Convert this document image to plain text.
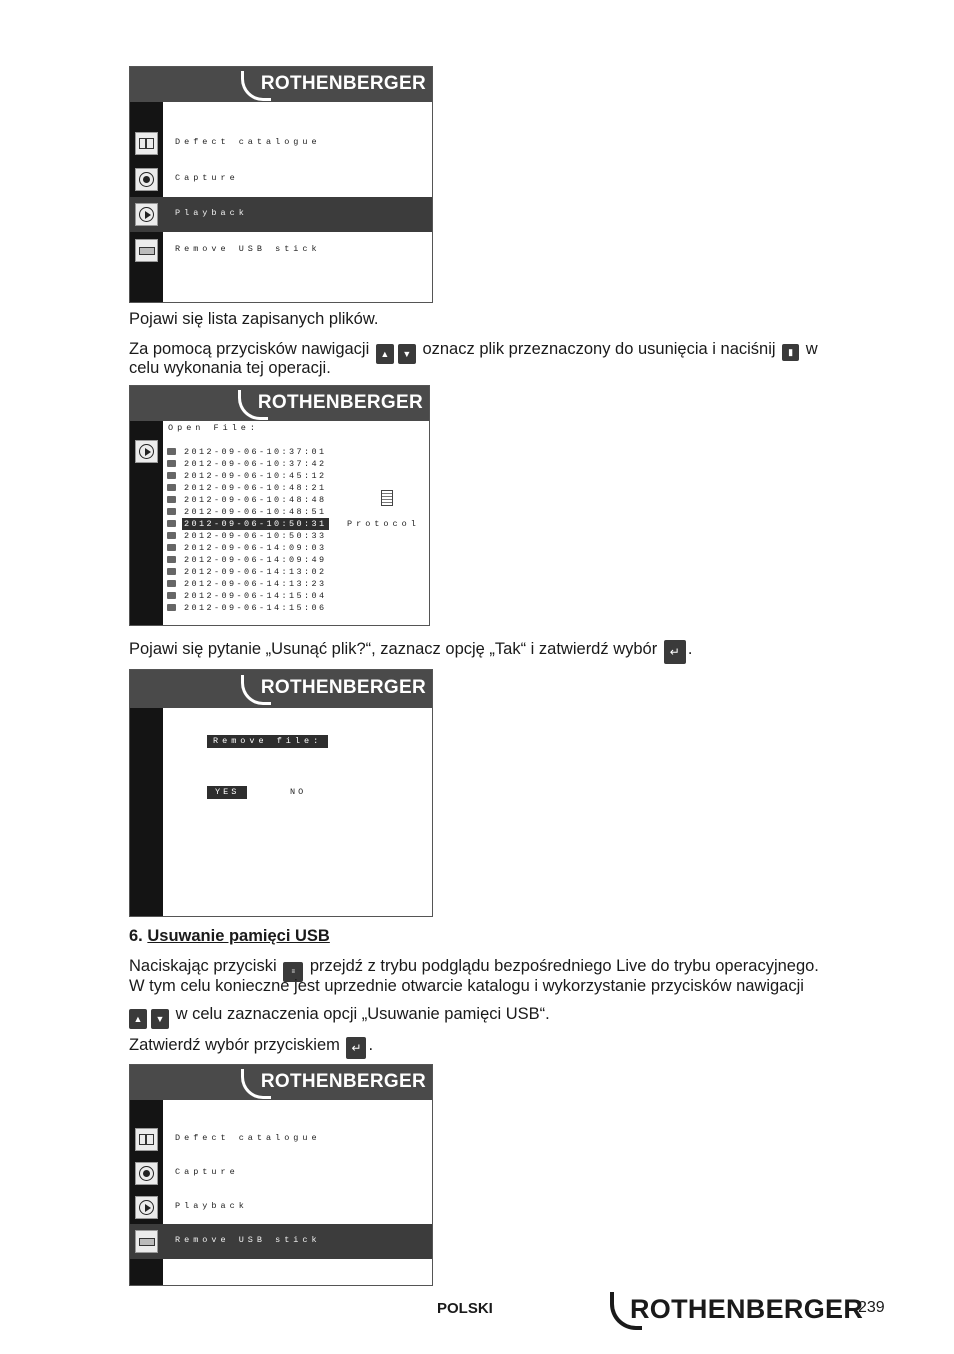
ROTHENBERGER
Defect catalogue
Capture
Playback
Remove USB stick
Pojawi się lista zapisanych plików.
Za pomocą przycisków nawigacji ▲ ▼ oznacz plik przeznaczony do usunięcia i naciśnij ▮ w
celu wykonania tej operacji.
ROTHENBERGER
Open File:
2012-09-06-10:37:01
2012-09-06-10:37:42
2012-09-06-10:45:12
2012-09-06-10:48:21
2012-09-06-10:48:48
2012-09-06-10:48:51
2012-09-06-10:50:31
2012-09-06-10:50:33
2012-09-06-14:09:03
2012-09-06-14:09:49
2012-09-06-14:13:02
2012-09-06-14:13:23
2012-09-06-14:15:04
2012-09-06-14:15:06
Protocol
Pojawi się pytanie „Usunąć plik?“, zaznacz opcję „Tak“ i zatwierdź wybór ↵ .
ROTHENBERGER
Remove file:
YES	NO
6. Usuwanie pamięci USB
Naciskając przyciski ≡ przejdź z trybu podglądu bezpośredniego Live do trybu operacyjnego.
W tym celu konieczne jest uprzednie otwarcie katalogu i wykorzystanie przycisków nawigacji
▲ ▼ w celu zaznaczenia opcji „Usuwanie pamięci USB“.
Zatwierdź wybór przyciskiem ↵ .
ROTHENBERGER
Defect catalogue
Capture
Playback
Remove USB stick
POLSKI	ROTHENBERGER
239
